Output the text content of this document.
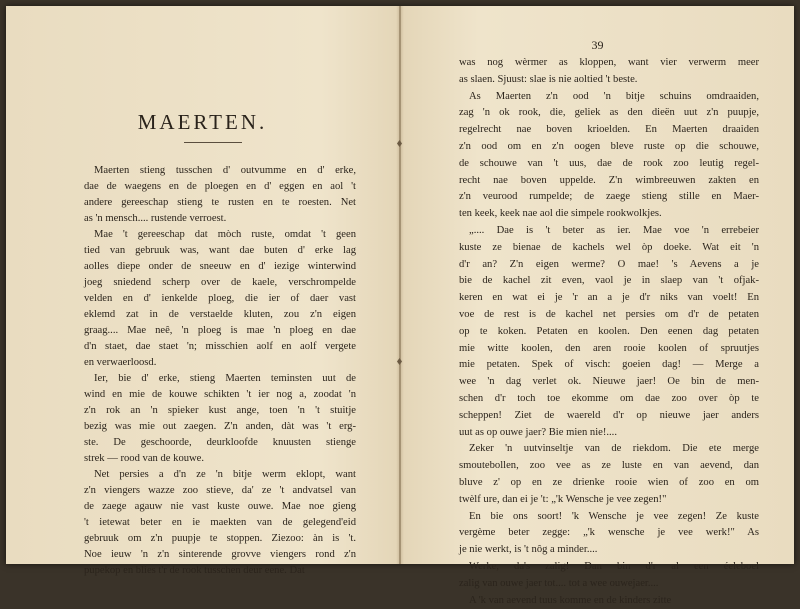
MAERTEN.
Maerten stieng tusschen d' outvumme en d' erke,
dae de waegens en de ploegen en d' eggen en aol 't
andere gereeschap stieng te rusten en te roesten. Net
as 'n mensch.... rustende verroest.
Mae 't gereeschap dat mòch ruste, omdat 't geen
tied van gebruuk was, want dae buten d' erke lag
aolles diepe onder de sneeuw en d' iezige winterwind
joeg sniedend scherp over de kaele, verschrompelde
velden en d' ienkelde ploeg, die ier of daer vast
eklemd zat in de verstaelde kluten, zou z'n eigen
graag.... Mae neê, 'n ploeg is mae 'n ploeg en dae
d'n staet, dae staet 'n; misschien aolf en aolf vergete
en verwaerloosd.
Ier, bie d' erke, stieng Maerten teminsten uut de
wind en mie de kouwe schikten 't ier nog a, zoodat 'n
z'n rok an 'n spieker kust ange, toen 'n 't stuitje
bezig was mie out zaegen. Z'n anden, dàt was 't erg-
ste. De geschoorde, deurkloofde knuusten stienge
strek — rood van de kouwe.
Net persies a d'n ze 'n bitje werm eklopt, want
z'n viengers wazze zoo stieve, da' ze 't andvatsel van
de zaege agauw nie vast kuste ouwe. Mae noe gieng
't ietewat beter en ie maekten van de gelegend'eid
gebruuk om z'n puupje te stoppen. Ziezoo: àn is 't.
Noe ieuw 'n z'n sinterende grovve viengers rond z'n
pupekop en blies t'r de rook tusschen deur eene. Dat
39
was nog wèrmer as kloppen, want vier verwerm meer
as slaen. Sjuust: slae is nie aoltied 't beste.
As Maerten z'n ood 'n bitje schuins omdraaiden,
zag 'n ok rook, die, geliek as den dieën uut z'n puupje,
regelrecht nae boven krioelden. En Maerten draaiden
z'n ood om en z'n oogen bleve ruste op die schouwe,
de schouwe van 't uus, dae de rook zoo leutig regel-
recht nae boven uppelde. Z'n wimbreeuwen zakten en
z'n veurood rumpelde; de zaege stieng stille en Maer-
ten keek, keek nae aol die simpele rookwolkjes.
„.... Dae is 't beter as ier. Mae voe 'n errebeier
kuste ze bienae de kachels wel òp doeke. Wat eit 'n
d'r an? Z'n eigen werme? O mae! 's Aevens a je
bie de kachel zit even, vaol je in slaep van 't ofjak-
keren en wat ei je 'r an a je d'r niks van voelt! En
voe de rest is de kachel net persies om d'r de petaten
op te koken. Petaten en koolen. Den eenen dag petaten
mie witte koolen, den aren rooie koolen of spruutjes
mie petaten. Spek of visch: goeien dag! — Merge a
wee 'n dag verlet ok. Nieuwe jaer! Oe bin de men-
schen d'r toch toe ekomme om dae zoo over òp te
scheppen! Ziet de waereld d'r op nieuwe jaer anders
uut as op ouwe jaer? Bie mien nie!....
Zeker 'n uutvinseltje van de riekdom. Die ete merge
smoutebollen, zoo vee as ze luste en van aevend, dan
bluve z' op en ze drienke rooie wien of zoo en om
twèlf ure, dan ei je 't: „'k Wensche je vee zegen!"
En bie ons soort! 'k Wensche je vee zegen! Ze kuste
vergème beter zegge: „'k wensche je vee werk!" As
je nie werkt, is 't nôg a minder....
Werke, da's zalig! Dan bin d'r al een éeleboel
zalig van ouwe jaer tot.... tot a wee ouwejaer....
A 'k van aevend tuus komme en de kinders zitte
